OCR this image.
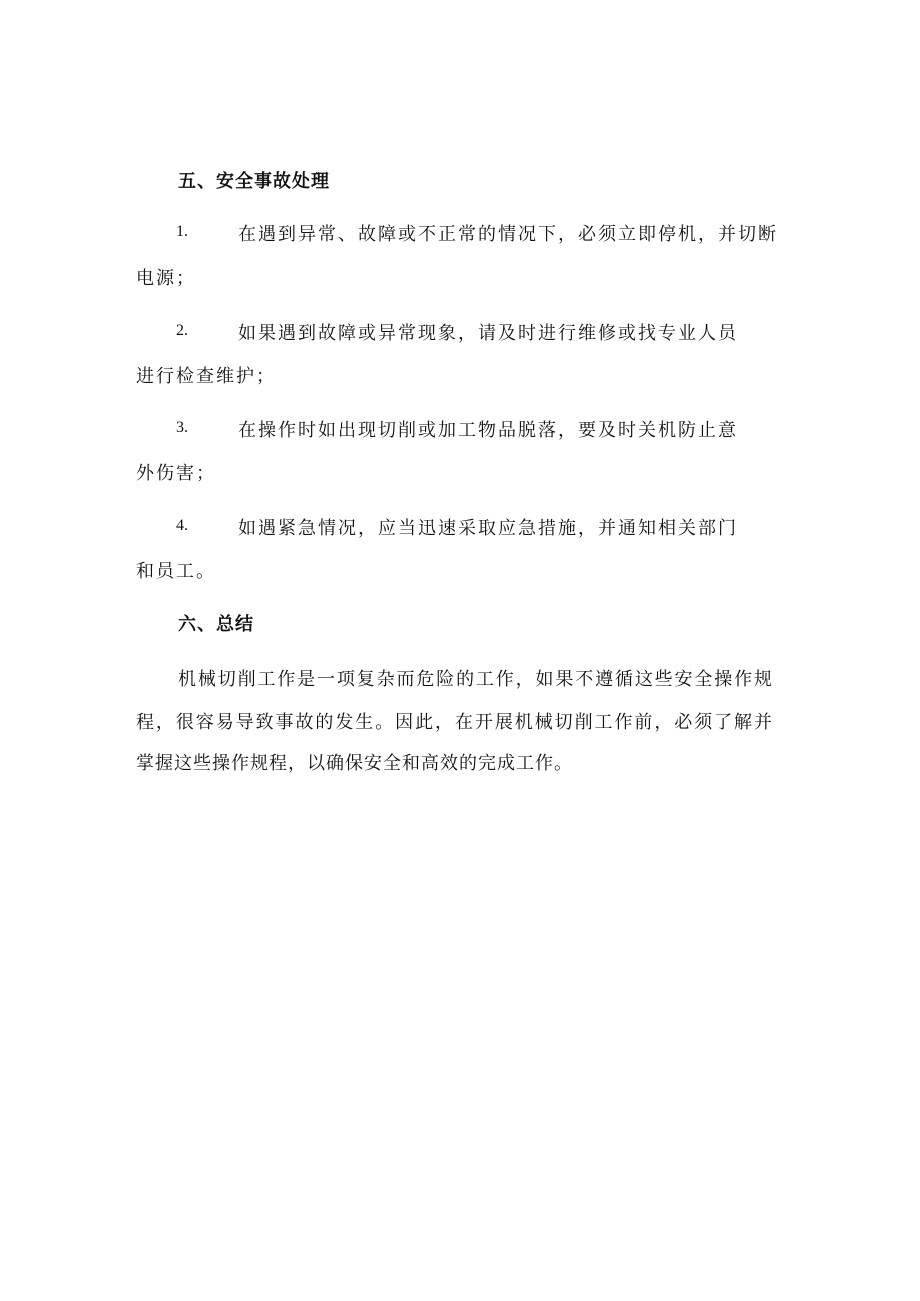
五、安全事故处理
1.	在遇到异常、故障或不正常的情况下，必须立即停机，并切断
电源；
2.	如果遇到故障或异常现象，请及时进行维修或找专业人员
进行检查维护；
3.	在操作时如出现切削或加工物品脱落，要及时关机防止意
外伤害；
4.	如遇紧急情况，应当迅速采取应急措施，并通知相关部门
和员工。
六、总结
机械切削工作是一项复杂而危险的工作，如果不遵循这些安全操作规
程，很容易导致事故的发生。因此，在开展机械切削工作前，必须了解并
掌握这些操作规程，以确保安全和高效的完成工作。
